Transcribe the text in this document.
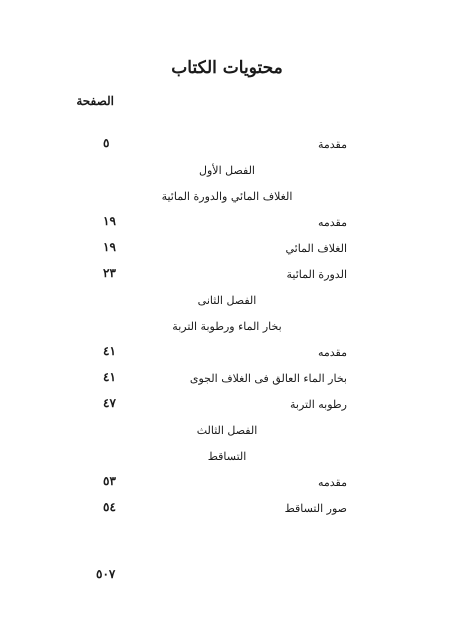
محتويات الكتاب
الصفحة
مقدمة
٥
الفصل الأول
الغلاف المائي والدورة المائية
مقدمه
١٩
الغلاف المائي
١٩
الدورة المائية
٢٣
الفصل الثانى
بخار الماء ورطوبة التربة
مقدمه
٤١
بخار الماء العالق فى الغلاف الجوى
٤١
رطوبه التربة
٤٧
الفصل الثالث
التساقط
مقدمه
٥٣
صور التساقط
٥٤
٥٠٧
